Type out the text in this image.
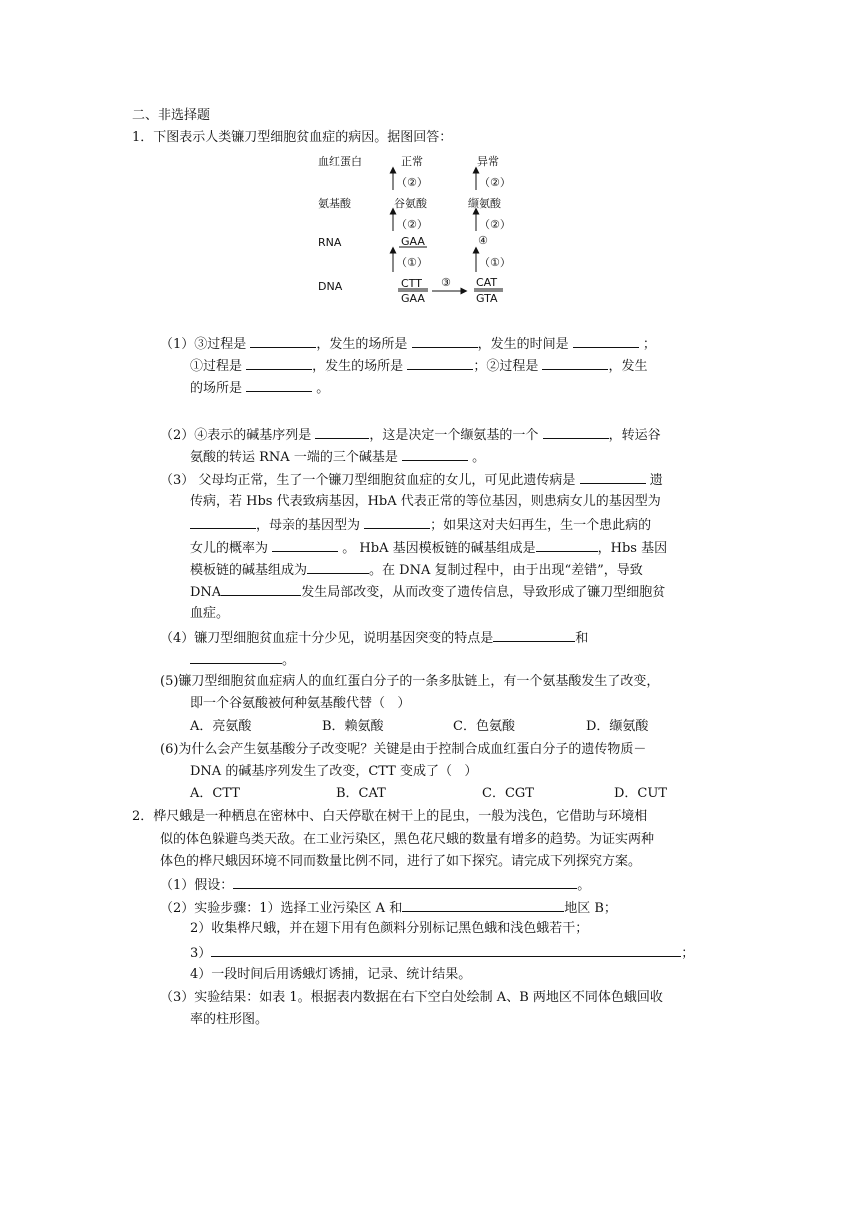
二、非选择题
1．下图表示人类镰刀型细胞贫血症的病因。据图回答：
血红蛋白
氨基酸
RNA
DNA
正常
（②）
谷氨酸
（②）
GAA
（①）
CTT
GAA
③
异常
（②）
缬氨酸
（②）
④
（①）
CAT
GTA
（1）③过程是	，发生的场所是	，发生的时间是	；
①过程是	，发生的场所是	；②过程是	，发生
的场所是	。
（2）④表示的碱基序列是	，这是决定一个缬氨基的一个	，转运谷
氨酸的转运 RNA 一端的三个碱基是	。
（3） 父母均正常，生了一个镰刀型细胞贫血症的女儿，可见此遗传病是	遗
传病，若 Hbs 代表致病基因，HbA 代表正常的等位基因，则患病女儿的基因型为
，母亲的基因型为	；如果这对夫妇再生，生一个患此病的
女儿的概率为	。 HbA 基因模板链的碱基组成是	，Hbs 基因
模板链的碱基组成为	。在 DNA 复制过程中，由于出现“差错”，导致
DNA	发生局部改变，从而改变了遗传信息，导致形成了镰刀型细胞贫
血症。
（4）镰刀型细胞贫血症十分少见，说明基因突变的特点是	和
。
(5)镰刀型细胞贫血症病人的血红蛋白分子的一条多肽链上，有一个氨基酸发生了改变，
即一个谷氨酸被何种氨基酸代替（   ）
A．亮氨酸	B．赖氨酸	C．色氨酸	D．缬氨酸
(6)为什么会产生氨基酸分子改变呢？关键是由于控制合成血红蛋白分子的遗传物质－
DNA 的碱基序列发生了改变，CTT 变成了（   ）
A．CTT	B．CAT	C．CGT	D．CUT
2．桦尺蛾是一种栖息在密林中、白天停歇在树干上的昆虫，一般为浅色，它借助与环境相
似的体色躲避鸟类天敌。在工业污染区，黑色花尺蛾的数量有增多的趋势。为证实两种
体色的桦尺蛾因环境不同而数量比例不同，进行了如下探究。请完成下列探究方案。
（1）假设：	。
（2）实验步骤：1）选择工业污染区 A 和	地区 B；
2）收集桦尺蛾，并在翅下用有色颜料分别标记黑色蛾和浅色蛾若干；
3）	；
4）一段时间后用诱蛾灯诱捕，记录、统计结果。
（3）实验结果：如表 1。根据表内数据在右下空白处绘制 A、B 两地区不同体色蛾回收
率的柱形图。
